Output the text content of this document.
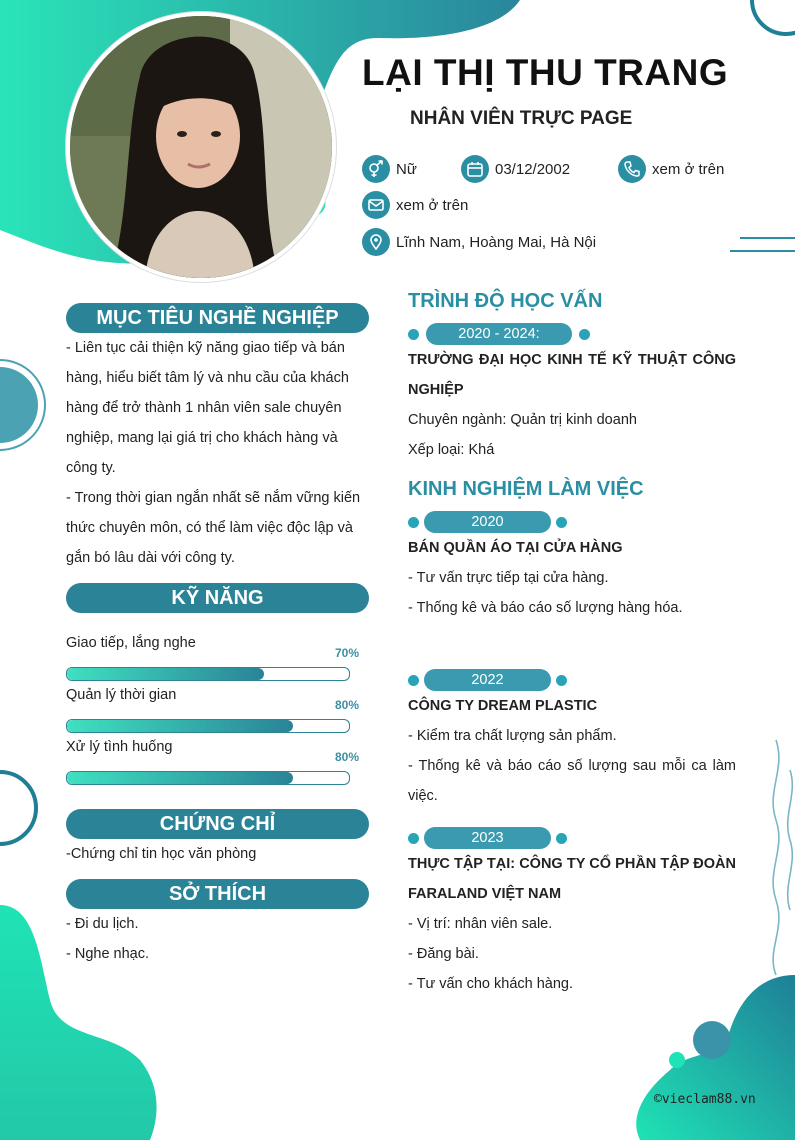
LẠI THỊ THU TRANG
NHÂN VIÊN TRỰC PAGE
Nữ	03/12/2002	xem ở trên
xem ở trên
Lĩnh Nam, Hoàng Mai, Hà Nội
MỤC TIÊU NGHỀ NGHIỆP
- Liên tục cải thiện kỹ năng giao tiếp và bán hàng, hiểu biết tâm lý và nhu cầu của khách hàng để trở thành 1 nhân viên sale chuyên nghiệp, mang lại giá trị cho khách hàng và công ty.
- Trong thời gian ngắn nhất sẽ nắm vững kiến thức chuyên môn, có thể làm việc độc lập và gắn bó lâu dài với công ty.
KỸ NĂNG
Giao tiếp, lắng nghe
70%
Quản lý thời gian
80%
Xử lý tình huống
80%
CHỨNG CHỈ
-Chứng chỉ tin học văn phòng
SỞ THÍCH
- Đi du lịch.
- Nghe nhạc.
TRÌNH ĐỘ HỌC VẤN
2020 - 2024:
TRƯỜNG ĐẠI HỌC KINH TẾ KỸ THUẬT CÔNG NGHIỆP
Chuyên ngành: Quản trị kinh doanh
Xếp loại: Khá
KINH NGHIỆM LÀM VIỆC
2020
BÁN QUẦN ÁO TẠI CỬA HÀNG
- Tư vấn trực tiếp tại cửa hàng.
- Thống kê và báo cáo số lượng hàng hóa.
2022
CÔNG TY DREAM PLASTIC
- Kiểm tra chất lượng sản phẩm.
- Thống kê và báo cáo số lượng sau mỗi ca làm việc.
2023
THỰC TẬP TẠI: CÔNG TY CỔ PHẦN TẬP ĐOÀN FARALAND VIỆT NAM
- Vị trí: nhân viên sale.
- Đăng bài.
- Tư vấn cho khách hàng.
©vieclam88.vn
